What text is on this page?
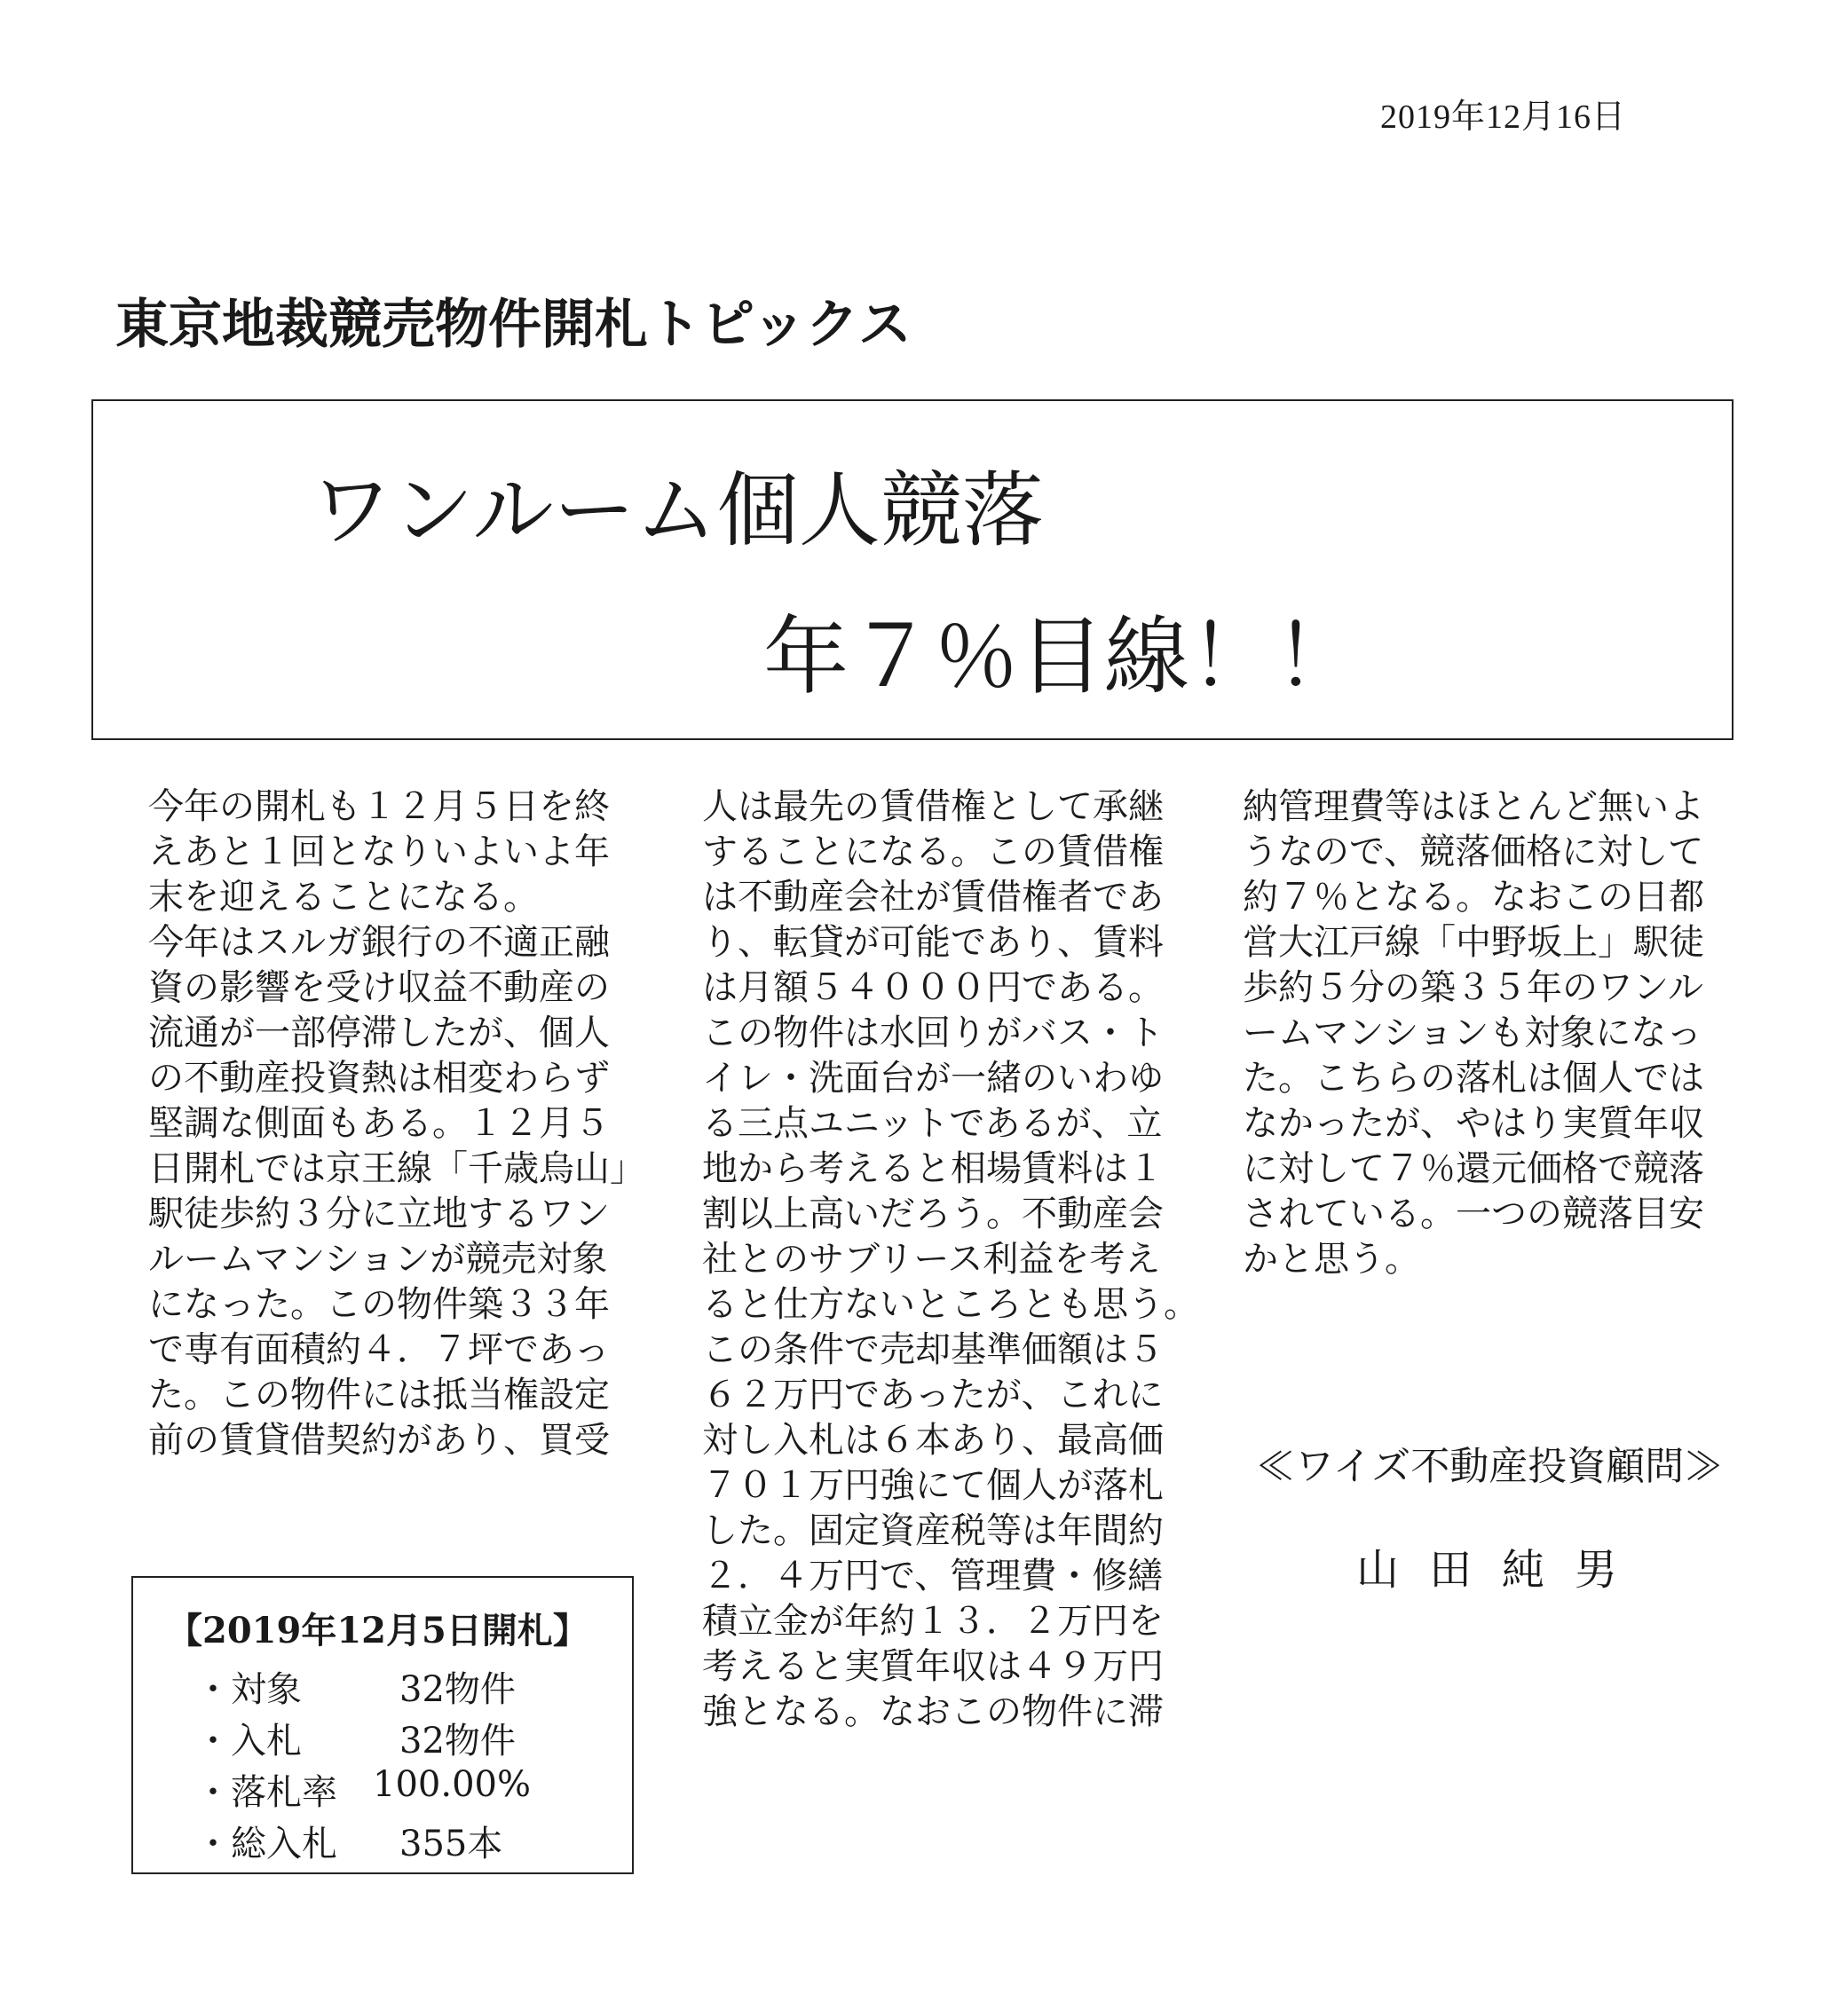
2019年12月16日
東京地裁競売物件開札トピックス
ワンルーム個人競落
年７％目線！！
今年の開札も１２月５日を終
えあと１回となりいよいよ年
末を迎えることになる。
今年はスルガ銀行の不適正融
資の影響を受け収益不動産の
流通が一部停滞したが、個人
の不動産投資熱は相変わらず
堅調な側面もある。１２月５
日開札では京王線「千歳烏山」
駅徒歩約３分に立地するワン
ルームマンションが競売対象
になった。この物件築３３年
で専有面積約４．７坪であっ
た。この物件には抵当権設定
前の賃貸借契約があり、買受
人は最先の賃借権として承継
することになる。この賃借権
は不動産会社が賃借権者であ
り、転貸が可能であり、賃料
は月額５４０００円である。
この物件は水回りがバス・ト
イレ・洗面台が一緒のいわゆ
る三点ユニットであるが、立
地から考えると相場賃料は１
割以上高いだろう。不動産会
社とのサブリース利益を考え
ると仕方ないところとも思う。
この条件で売却基準価額は５
６２万円であったが、これに
対し入札は６本あり、最高価
７０１万円強にて個人が落札
した。固定資産税等は年間約
２．４万円で、管理費・修繕
積立金が年約１３．２万円を
考えると実質年収は４９万円
強となる。なおこの物件に滞
納管理費等はほとんど無いよ
うなので、競落価格に対して
約７％となる。なおこの日都
営大江戸線「中野坂上」駅徒
歩約５分の築３５年のワンル
ームマンションも対象になっ
た。こちらの落札は個人では
なかったが、やはり実質年収
に対して７％還元価格で競落
されている。一つの競落目安
かと思う。
【2019年12月5日開札】
・対象	32物件
・入札	32物件
・落札率 100.00%
・総入札 355本
≪ワイズ不動産投資顧問≫
山田純男
